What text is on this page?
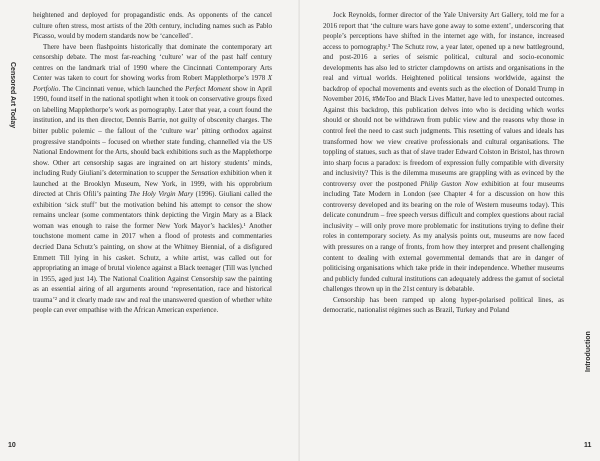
Censored Art Today

heightened and deployed for propagandistic ends. As opponents of the cancel culture often stress, most artists of the 20th century, including names such as Pablo Picasso, would by modern standards now be ‘cancelled’.

There have been flashpoints historically that dominate the contemporary art censorship debate. The most far-reaching ‘culture’ war of the past half century centres on the landmark trial of 1990 where the Cincinnati Contemporary Arts Center was taken to court for showing works from Robert Mapplethorpe’s 1978 X Portfolio. The Cincinnati venue, which launched the Perfect Moment show in April 1990, found itself in the national spotlight when it took on conservative groups fixed on labelling Mapplethorpe’s work as pornography. Later that year, a court found the institution, and its then director, Dennis Barrie, not guilty of obscenity charges. The bitter public polemic – the fallout of the ‘culture war’ pitting orthodox against progressive standpoints – focused on whether state funding, channelled via the US National Endowment for the Arts, should back exhibitions such as the Mapplethorpe show. Other art censorship sagas are ingrained on art history students’ minds, including Rudy Giuliani’s determination to scupper the Sensation exhibition when it launched at the Brooklyn Museum, New York, in 1999, with his opprobrium directed at Chris Ofili’s painting The Holy Virgin Mary (1996). Giuliani called the exhibition ‘sick stuff’ but the motivation behind his attempt to censor the show remains unclear (some commentators think depicting the Virgin Mary as a Black woman was enough to raise the former New York Mayor’s hackles).¹ Another touchstone moment came in 2017 when a flood of protests and commentaries decried Dana Schutz’s painting, on show at the Whitney Biennial, of a disfigured Emmett Till lying in his casket. Schutz, a white artist, was called out for appropriating an image of brutal violence against a Black teenager (Till was lynched in 1955, aged just 14). The National Coalition Against Censorship saw the painting as an essential airing of all arguments around ‘representation, race and historical trauma’² and it clearly made raw and real the unanswered question of whether white people can ever empathise with the African American experience.

10

Jock Reynolds, former director of the Yale University Art Gallery, told me for a 2016 report that ‘the culture wars have gone away to some extent’, underscoring that people’s perceptions have shifted in the internet age with, for instance, increased access to pornography.³ The Schutz row, a year later, opened up a new battleground, and post-2016 a series of seismic political, cultural and socio-economic developments has also led to stricter clampdowns on artists and organisations in the real and virtual worlds. Heightened political tensions worldwide, against the backdrop of epochal movements and events such as the election of Donald Trump in November 2016, #MeToo and Black Lives Matter, have led to unexpected outcomes. Against this backdrop, this publication delves into who is deciding which works should or should not be withdrawn from public view and the reasons why those in control feel the need to cast such judgments. This resetting of values and ideals has transformed how we view creative professionals and cultural organisations. The toppling of statues, such as that of slave trader Edward Colston in Bristol, has thrown into sharp focus a paradox: is freedom of expression fully compatible with diversity and inclusivity? This is the dilemma museums are grappling with as evinced by the controversy over the postponed Philip Guston Now exhibition at four museums including Tate Modern in London (see Chapter 4 for a discussion on how this controversy developed and its bearing on the role of Western museums today). This delicate conundrum – free speech versus difficult and complex questions about racial inclusivity – will only prove more problematic for institutions trying to define their roles in contemporary society. As my analysis points out, museums are now faced with pressures on a range of fronts, from how they interpret and present challenging content to dealing with external governmental demands that are in danger of politicising organisations which take pride in their independence. Whether museums and publicly funded cultural institutions can adequately address the gamut of societal challenges thrown up in the 21st century is debatable.

Censorship has been ramped up along hyper-polarised political lines, as democratic, nationalist régimes such as Brazil, Turkey and Poland

Introduction
11
